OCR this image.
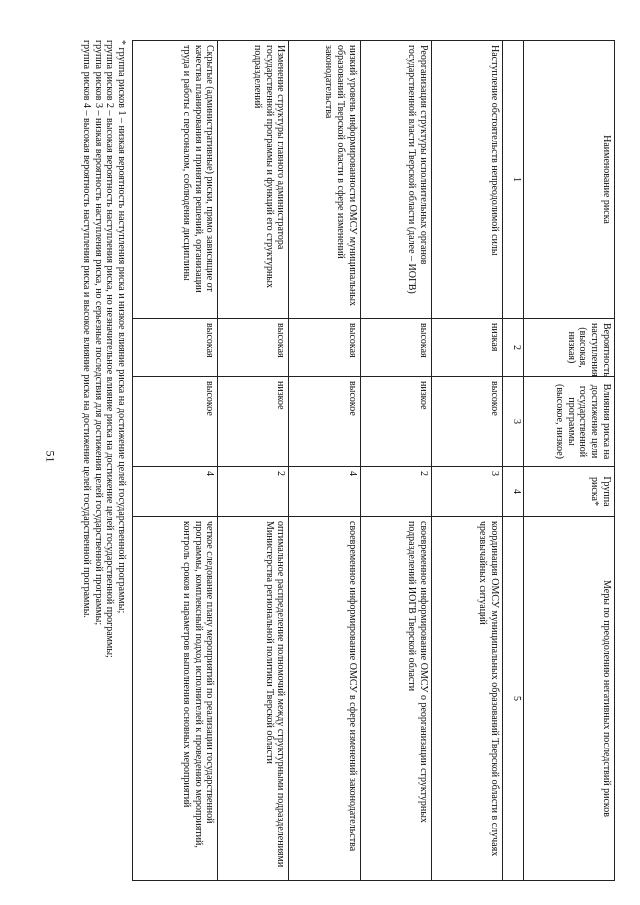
51
Наименование риска	Вероятность наступления (высокая, низкая)	Влияния риска на достижение цели государственной программы (высокое, низкое)	Группа риска*	Меры по преодолению негативных последствий рисков
1	2	3	4	5
Наступление обстоятельств непреодолимой силы	низкая	высокое	3	координация ОМСУ муниципальных образований Тверской области в случаях чрезвычайных ситуаций
Реорганизация структуры исполнительных органов государственной власти Тверской области (далее – ИОГВ)	высокая	низкое	2	своевременное информирование ОМСУ о реорганизации структурных подразделений ИОГВ Тверской области
низкий уровень информированности ОМСУ муниципальных образований Тверской области в сфере изменений законодательства	высокая	высокое	4	своевременное информирование ОМСУ в сфере изменений законодательства
Изменение структуры главного администратора государственной программы и функций его структурных подразделений	высокая	низкое	2	оптимальное распределение полномочий между структурными подразделениями Министерства региональной политики Тверской области
Скрытые (административные) риски, прямо зависящие от качества планирования и принятия решений, организации труда и работы с персоналом, соблюдения дисциплины	высокая	высокое	4	четкое следование плану мероприятий по реализации государственной программы, комплексный подход исполнителей к проведению мероприятий, контроль сроков и параметров выполнения основных мероприятий
* группа рисков 1 – низкая вероятность наступления риска и низкое влияние риска на достижение целей государственной программы;
группа рисков 2 – высокая вероятность наступления риска, но незначительное влияние риска на достижение целей государственной программы;
группа рисков 3 – низкая вероятность наступления риска, но серьезные последствия для достижения целей государственной программы;
группа рисков 4 – высокая вероятность наступления риска и высокое влияние риска на достижение целей государственной программы.
